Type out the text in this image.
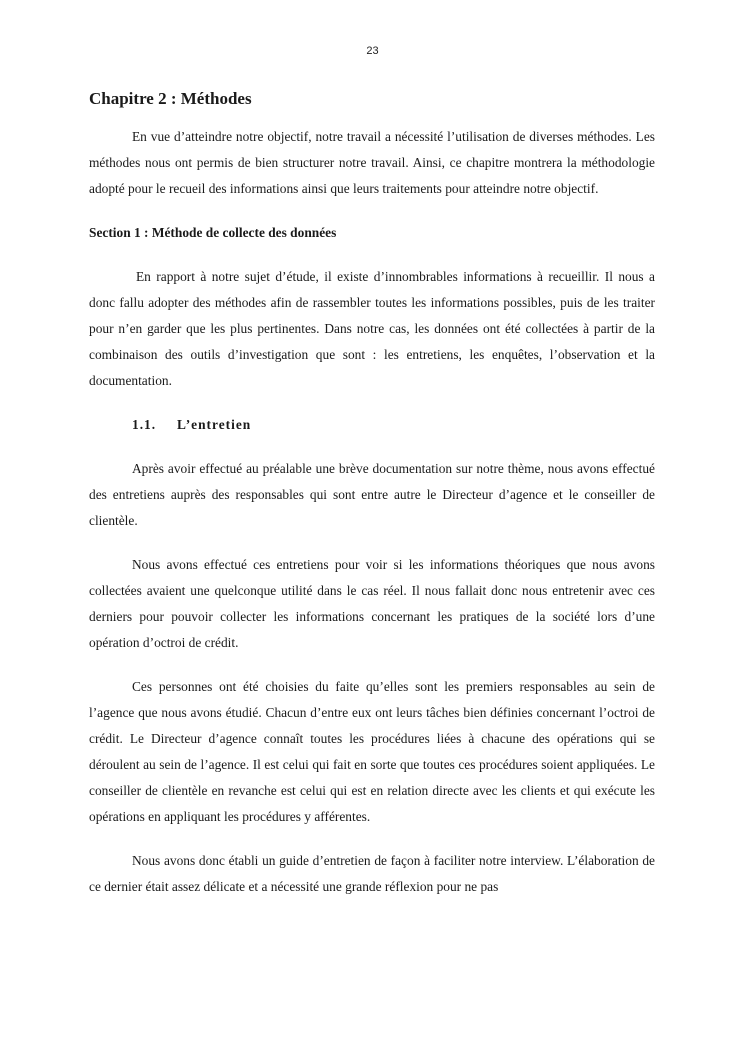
23
Chapitre 2 : Méthodes

En vue d’atteindre notre objectif, notre travail a nécessité l’utilisation de diverses méthodes. Les méthodes nous ont permis de bien structurer notre travail. Ainsi, ce chapitre montrera la méthodologie adopté pour le recueil des informations ainsi que leurs traitements pour atteindre notre objectif.

Section 1 : Méthode de collecte des données

En rapport à notre sujet d’étude, il existe d’innombrables informations à recueillir. Il nous a donc fallu adopter des méthodes afin de rassembler toutes les informations possibles, puis de les traiter pour n’en garder que les plus pertinentes. Dans notre cas, les données ont été collectées à partir de la combinaison des outils d’investigation que sont : les entretiens, les enquêtes, l’observation et la documentation.

1.1. L’entretien

Après avoir effectué au préalable une brève documentation sur notre thème, nous avons effectué des entretiens auprès des responsables qui sont entre autre le Directeur d’agence et le conseiller de clientèle.

Nous avons effectué ces entretiens pour voir si les informations théoriques que nous avons collectées avaient une quelconque utilité dans le cas réel. Il nous fallait donc nous entretenir avec ces derniers pour pouvoir collecter les informations concernant les pratiques de la société lors d’une opération d’octroi de crédit.

Ces personnes ont été choisies du faite qu’elles sont les premiers responsables au sein de l’agence que nous avons étudié. Chacun d’entre eux ont leurs tâches bien définies concernant l’octroi de crédit. Le Directeur d’agence connaît toutes les procédures liées à chacune des opérations qui se déroulent au sein de l’agence. Il est celui qui fait en sorte que toutes ces procédures soient appliquées. Le conseiller de clientèle en revanche est celui qui est en relation directe avec les clients et qui exécute les opérations en appliquant les procédures y afférentes.

Nous avons donc établi un guide d’entretien de façon à faciliter notre interview. L’élaboration de ce dernier était assez délicate et a nécessité une grande réflexion pour ne pas
